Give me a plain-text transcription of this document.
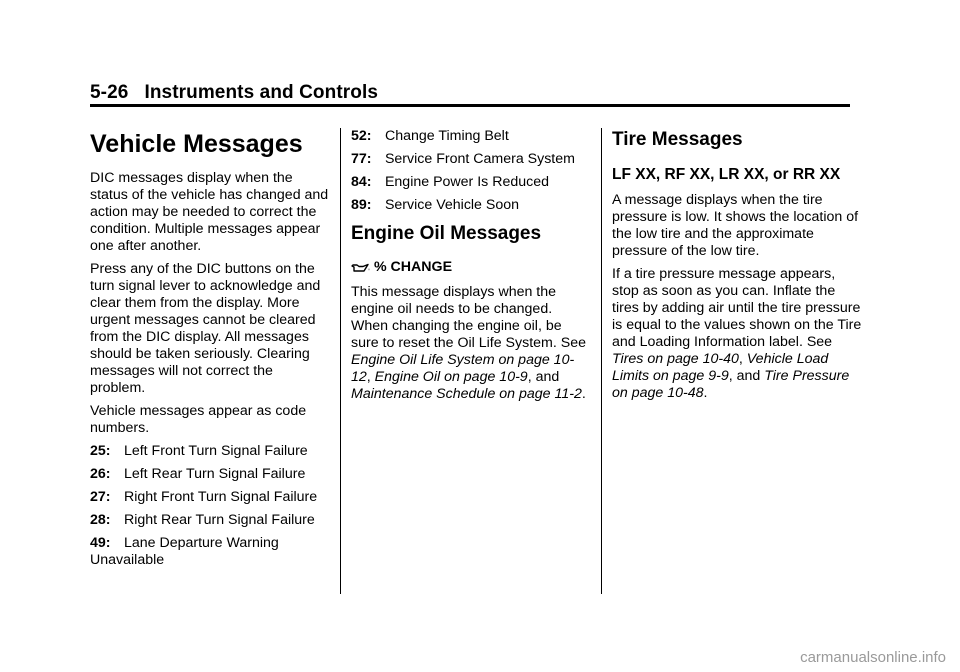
5-26 Instruments and Controls
Vehicle Messages

DIC messages display when the status of the vehicle has changed and action may be needed to correct the condition. Multiple messages appear one after another.

Press any of the DIC buttons on the turn signal lever to acknowledge and clear them from the display. More urgent messages cannot be cleared from the DIC display. All messages should be taken seriously. Clearing messages will not correct the problem.

Vehicle messages appear as code numbers.

25: Left Front Turn Signal Failure
26: Left Rear Turn Signal Failure
27: Right Front Turn Signal Failure
28: Right Rear Turn Signal Failure
49: Lane Departure Warning Unavailable
52: Change Timing Belt
77: Service Front Camera System
84: Engine Power Is Reduced
89: Service Vehicle Soon
Engine Oil Messages
% CHANGE

This message displays when the engine oil needs to be changed. When changing the engine oil, be sure to reset the Oil Life System. See Engine Oil Life System on page 10-12, Engine Oil on page 10-9, and Maintenance Schedule on page 11-2.

Tire Messages
LF XX, RF XX, LR XX, or RR XX

A message displays when the tire pressure is low. It shows the location of the low tire and the approximate pressure of the low tire.

If a tire pressure message appears, stop as soon as you can. Inflate the tires by adding air until the tire pressure is equal to the values shown on the Tire and Loading Information label. See Tires on page 10-40, Vehicle Load Limits on page 9-9, and Tire Pressure on page 10-48.

carmanualsonline.info
